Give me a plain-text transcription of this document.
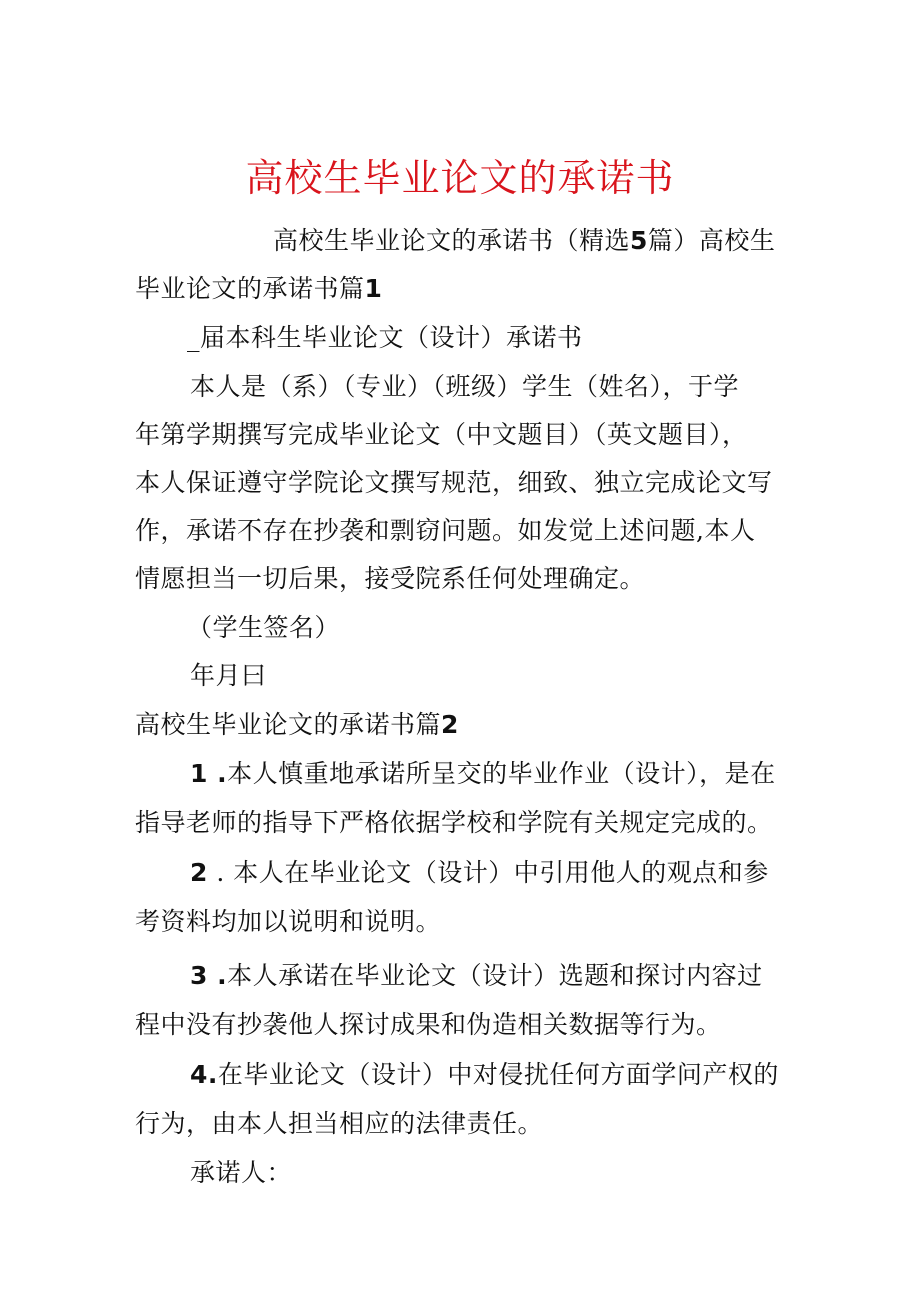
高校生毕业论文的承诺书
高校生毕业论文的承诺书（精选5篇）高校生
毕业论文的承诺书篇1
_届本科生毕业论文（设计）承诺书
本人是（系）（专业）（班级）学生（姓名），于学
年第学期撰写完成毕业论文（中文题目）（英文题目），
本人保证遵守学院论文撰写规范，细致、独立完成论文写
作，承诺不存在抄袭和剽窃问题。如发觉上述问题,本人
情愿担当一切后果，接受院系任何处理确定。
（学生签名）
年月曰
高校生毕业论文的承诺书篇2
1 .本人慎重地承诺所呈交的毕业作业（设计），是在
指导老师的指导下严格依据学校和学院有关规定完成的。
2 . 本人在毕业论文（设计）中引用他人的观点和参
考资料均加以说明和说明。
3 .本人承诺在毕业论文（设计）选题和探讨内容过
程中没有抄袭他人探讨成果和伪造相关数据等行为。
4.在毕业论文（设计）中对侵扰任何方面学问产权的
行为，由本人担当相应的法律责任。
承诺人：
